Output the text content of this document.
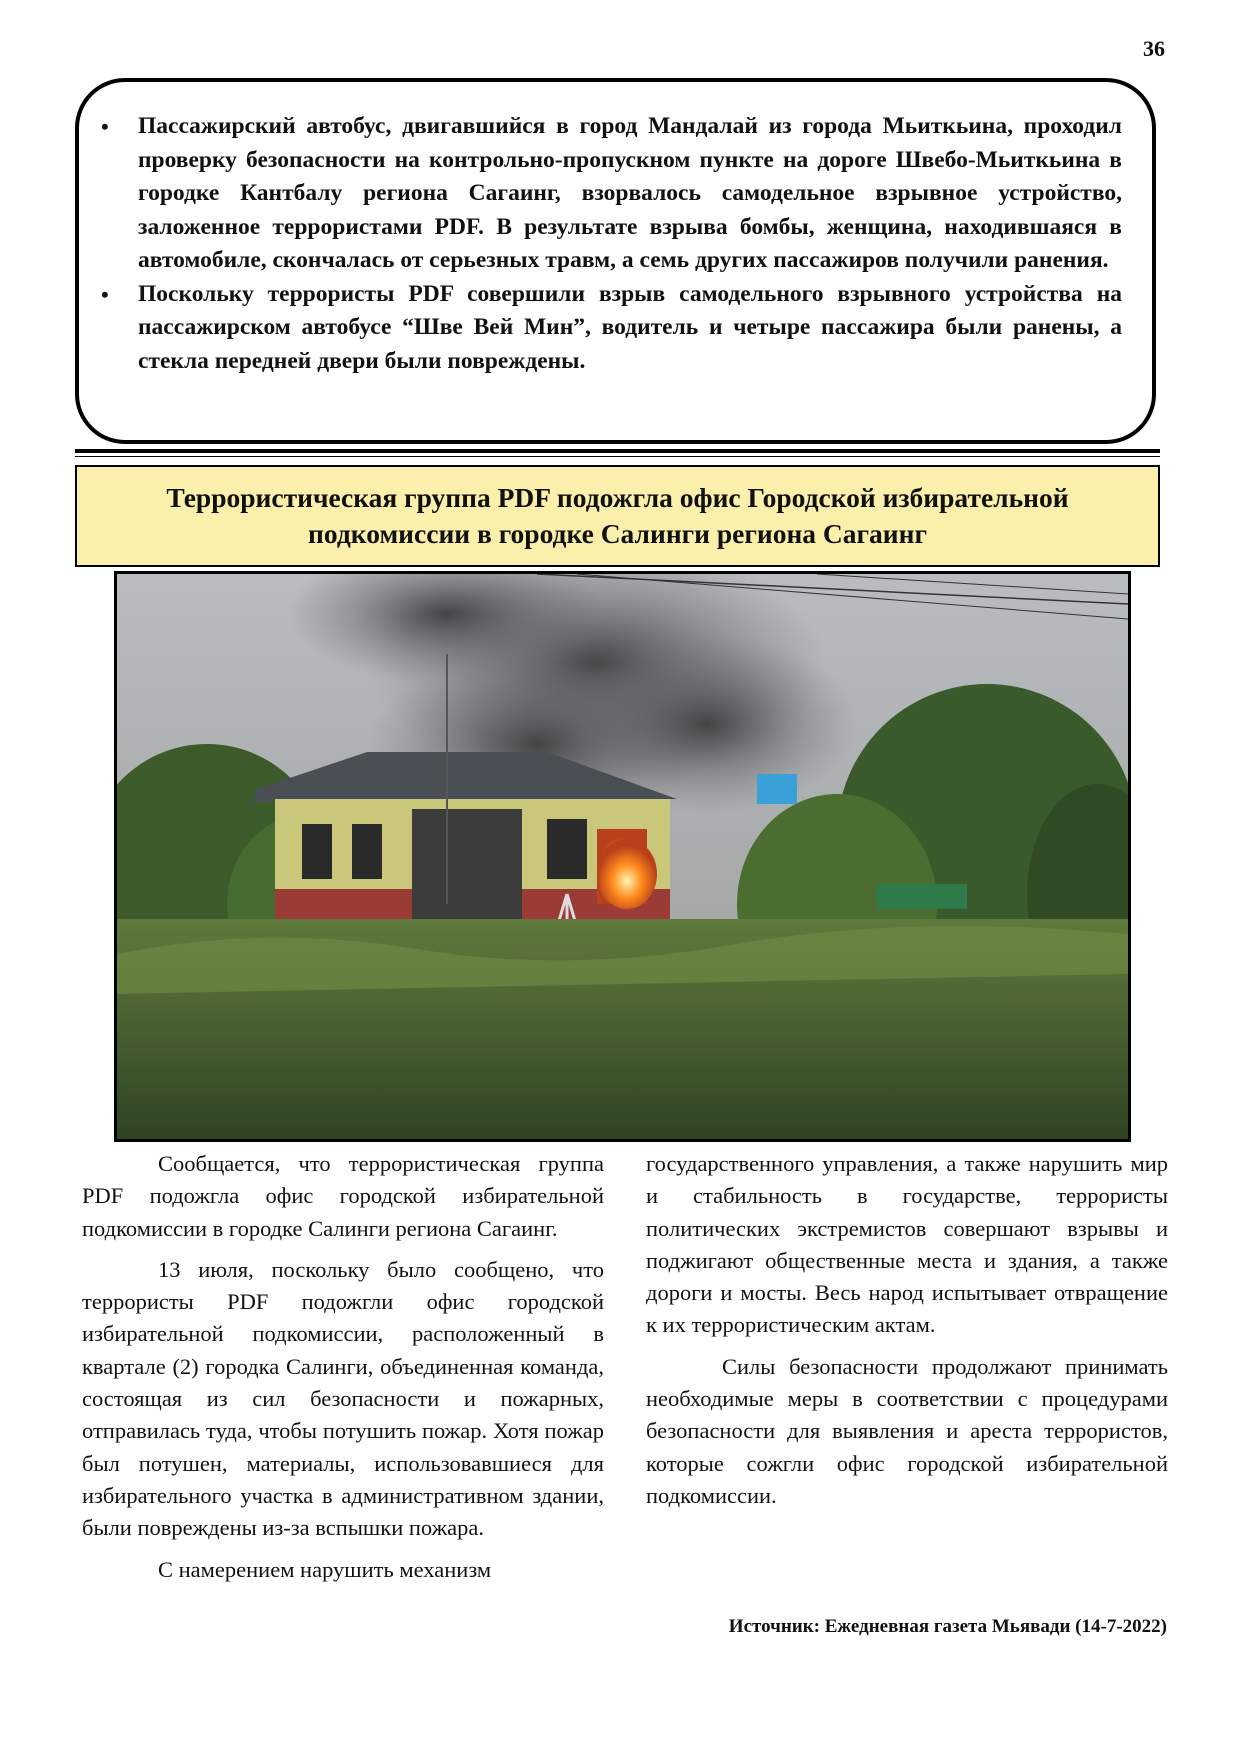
36
• Пассажирский автобус, двигавшийся в город Мандалай из города Мьиткьина, проходил проверку безопасности на контрольно-пропускном пункте на дороге Швебо-Мьиткьина в городке Кантбалу региона Сагаинг, взорвалось самодельное взрывное устройство, заложенное террористами PDF. В результате взрыва бомбы, женщина, находившаяся в автомобиле, скончалась от серьезных травм, а семь других пассажиров получили ранения.
• Поскольку террористы PDF совершили взрыв самодельного взрывного устройства на пассажирском автобусе “Шве Вей Мин”, водитель и четыре пассажира были ранены, а стекла передней двери были повреждены.
Террористическая группа PDF подожгла офис Городской избирательной
подкомиссии в городке Салинги региона Сагаинг

Сообщается, что террористическая группа PDF подожгла офис городской избирательной подкомиссии в городке Салинги региона Сагаинг.

13 июля, поскольку было сообщено, что террористы PDF подожгли офис городской избирательной подкомиссии, расположенный в квартале (2) городка Салинги, объединенная команда, состоящая из сил безопасности и пожарных, отправилась туда, чтобы потушить пожар. Хотя пожар был потушен, материалы, использовавшиеся для избирательного участка в административном здании, были повреждены из-за вспышки пожара.

С намерением нарушить механизм

государственного управления, а также нарушить мир и стабильность в государстве, террористы политических экстремистов совершают взрывы и поджигают общественные места и здания, а также дороги и мосты. Весь народ испытывает отвращение к их террористическим актам.

Силы безопасности продолжают принимать необходимые меры в соответствии с процедурами безопасности для выявления и ареста террористов, которые сожгли офис городской избирательной подкомиссии.

Источник: Ежедневная газета Мьявади (14-7-2022)
